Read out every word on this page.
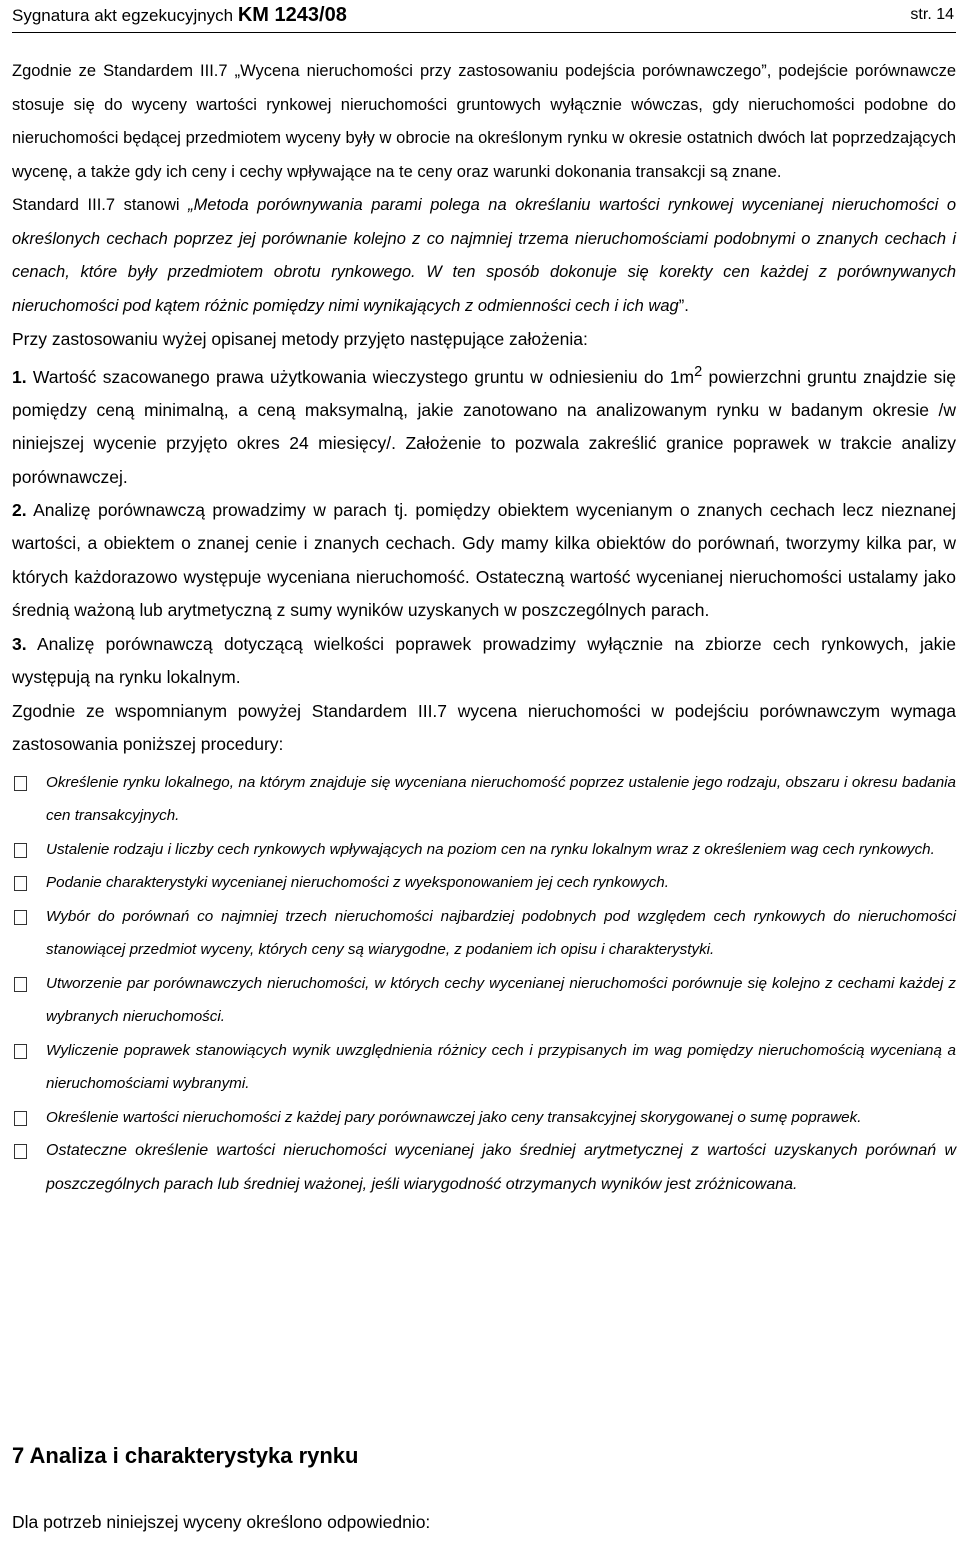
Sygnatura akt egzekucyjnych KM 1243/08	str. 14

Zgodnie ze Standardem III.7 „Wycena nieruchomości przy zastosowaniu podejścia porównawczego”, podejście porównawcze stosuje się do wyceny wartości rynkowej nieruchomości gruntowych wyłącznie wówczas, gdy nieruchomości podobne do nieruchomości będącej przedmiotem wyceny były w obrocie na określonym rynku w okresie ostatnich dwóch lat poprzedzających wycenę, a także gdy ich ceny i cechy wpływające na te ceny oraz warunki dokonania transakcji są znane.

Standard III.7 stanowi „Metoda porównywania parami polega na określaniu wartości rynkowej wycenianej nieruchomości o określonych cechach poprzez jej porównanie kolejno z co najmniej trzema nieruchomościami podobnymi o znanych cechach i cenach, które były przedmiotem obrotu rynkowego. W ten sposób dokonuje się korekty cen każdej z porównywanych nieruchomości pod kątem różnic pomiędzy nimi wynikających z odmienności cech i ich wag”.

Przy zastosowaniu wyżej opisanej metody przyjęto następujące założenia:

1. Wartość szacowanego prawa użytkowania wieczystego gruntu w odniesieniu do $1m^2$ powierzchni gruntu znajdzie się pomiędzy ceną minimalną, a ceną maksymalną, jakie zanotowano na analizowanym rynku w badanym okresie /w niniejszej wycenie przyjęto okres 24 miesięcy/. Założenie to pozwala zakreślić granice poprawek w trakcie analizy porównawczej.

2. Analizę porównawczą prowadzimy w parach tj. pomiędzy obiektem wycenianym o znanych cechach lecz nieznanej wartości, a obiektem o znanej cenie i znanych cechach. Gdy mamy kilka obiektów do porównań, tworzymy kilka par, w których każdorazowo występuje wyceniana nieruchomość. Ostateczną wartość wycenianej nieruchomości ustalamy jako średnią ważoną lub arytmetyczną z sumy wyników uzyskanych w poszczególnych parach.

3. Analizę porównawczą dotyczącą wielkości poprawek prowadzimy wyłącznie na zbiorze cech rynkowych, jakie występują na rynku lokalnym.

Zgodnie ze wspomnianym powyżej Standardem III.7 wycena nieruchomości w podejściu porównawczym wymaga zastosowania poniższej procedury:

Określenie rynku lokalnego, na którym znajduje się wyceniana nieruchomość poprzez ustalenie jego rodzaju, obszaru i okresu badania cen transakcyjnych.
Ustalenie rodzaju i liczby cech rynkowych wpływających na poziom cen na rynku lokalnym wraz z określeniem wag cech rynkowych.
Podanie charakterystyki wycenianej nieruchomości z wyeksponowaniem jej cech rynkowych.
Wybór do porównań co najmniej trzech nieruchomości najbardziej podobnych pod względem cech rynkowych do nieruchomości stanowiącej przedmiot wyceny, których ceny są wiarygodne, z podaniem ich opisu i charakterystyki.
Utworzenie par porównawczych nieruchomości, w których cechy wycenianej nieruchomości porównuje się kolejno z cechami każdej z wybranych nieruchomości.
Wyliczenie poprawek stanowiących wynik uwzględnienia różnicy cech i przypisanych im wag pomiędzy nieruchomością wycenianą a nieruchomościami wybranymi.
Określenie wartości nieruchomości z każdej pary porównawczej jako ceny transakcyjnej skorygowanej o sumę poprawek.
Ostateczne określenie wartości nieruchomości wycenianej jako średniej arytmetycznej z wartości uzyskanych porównań w poszczególnych parach lub średniej ważonej, jeśli wiarygodność otrzymanych wyników jest zróżnicowana.
7 Analiza i charakterystyka rynku
Dla potrzeb niniejszej wyceny określono odpowiednio:
